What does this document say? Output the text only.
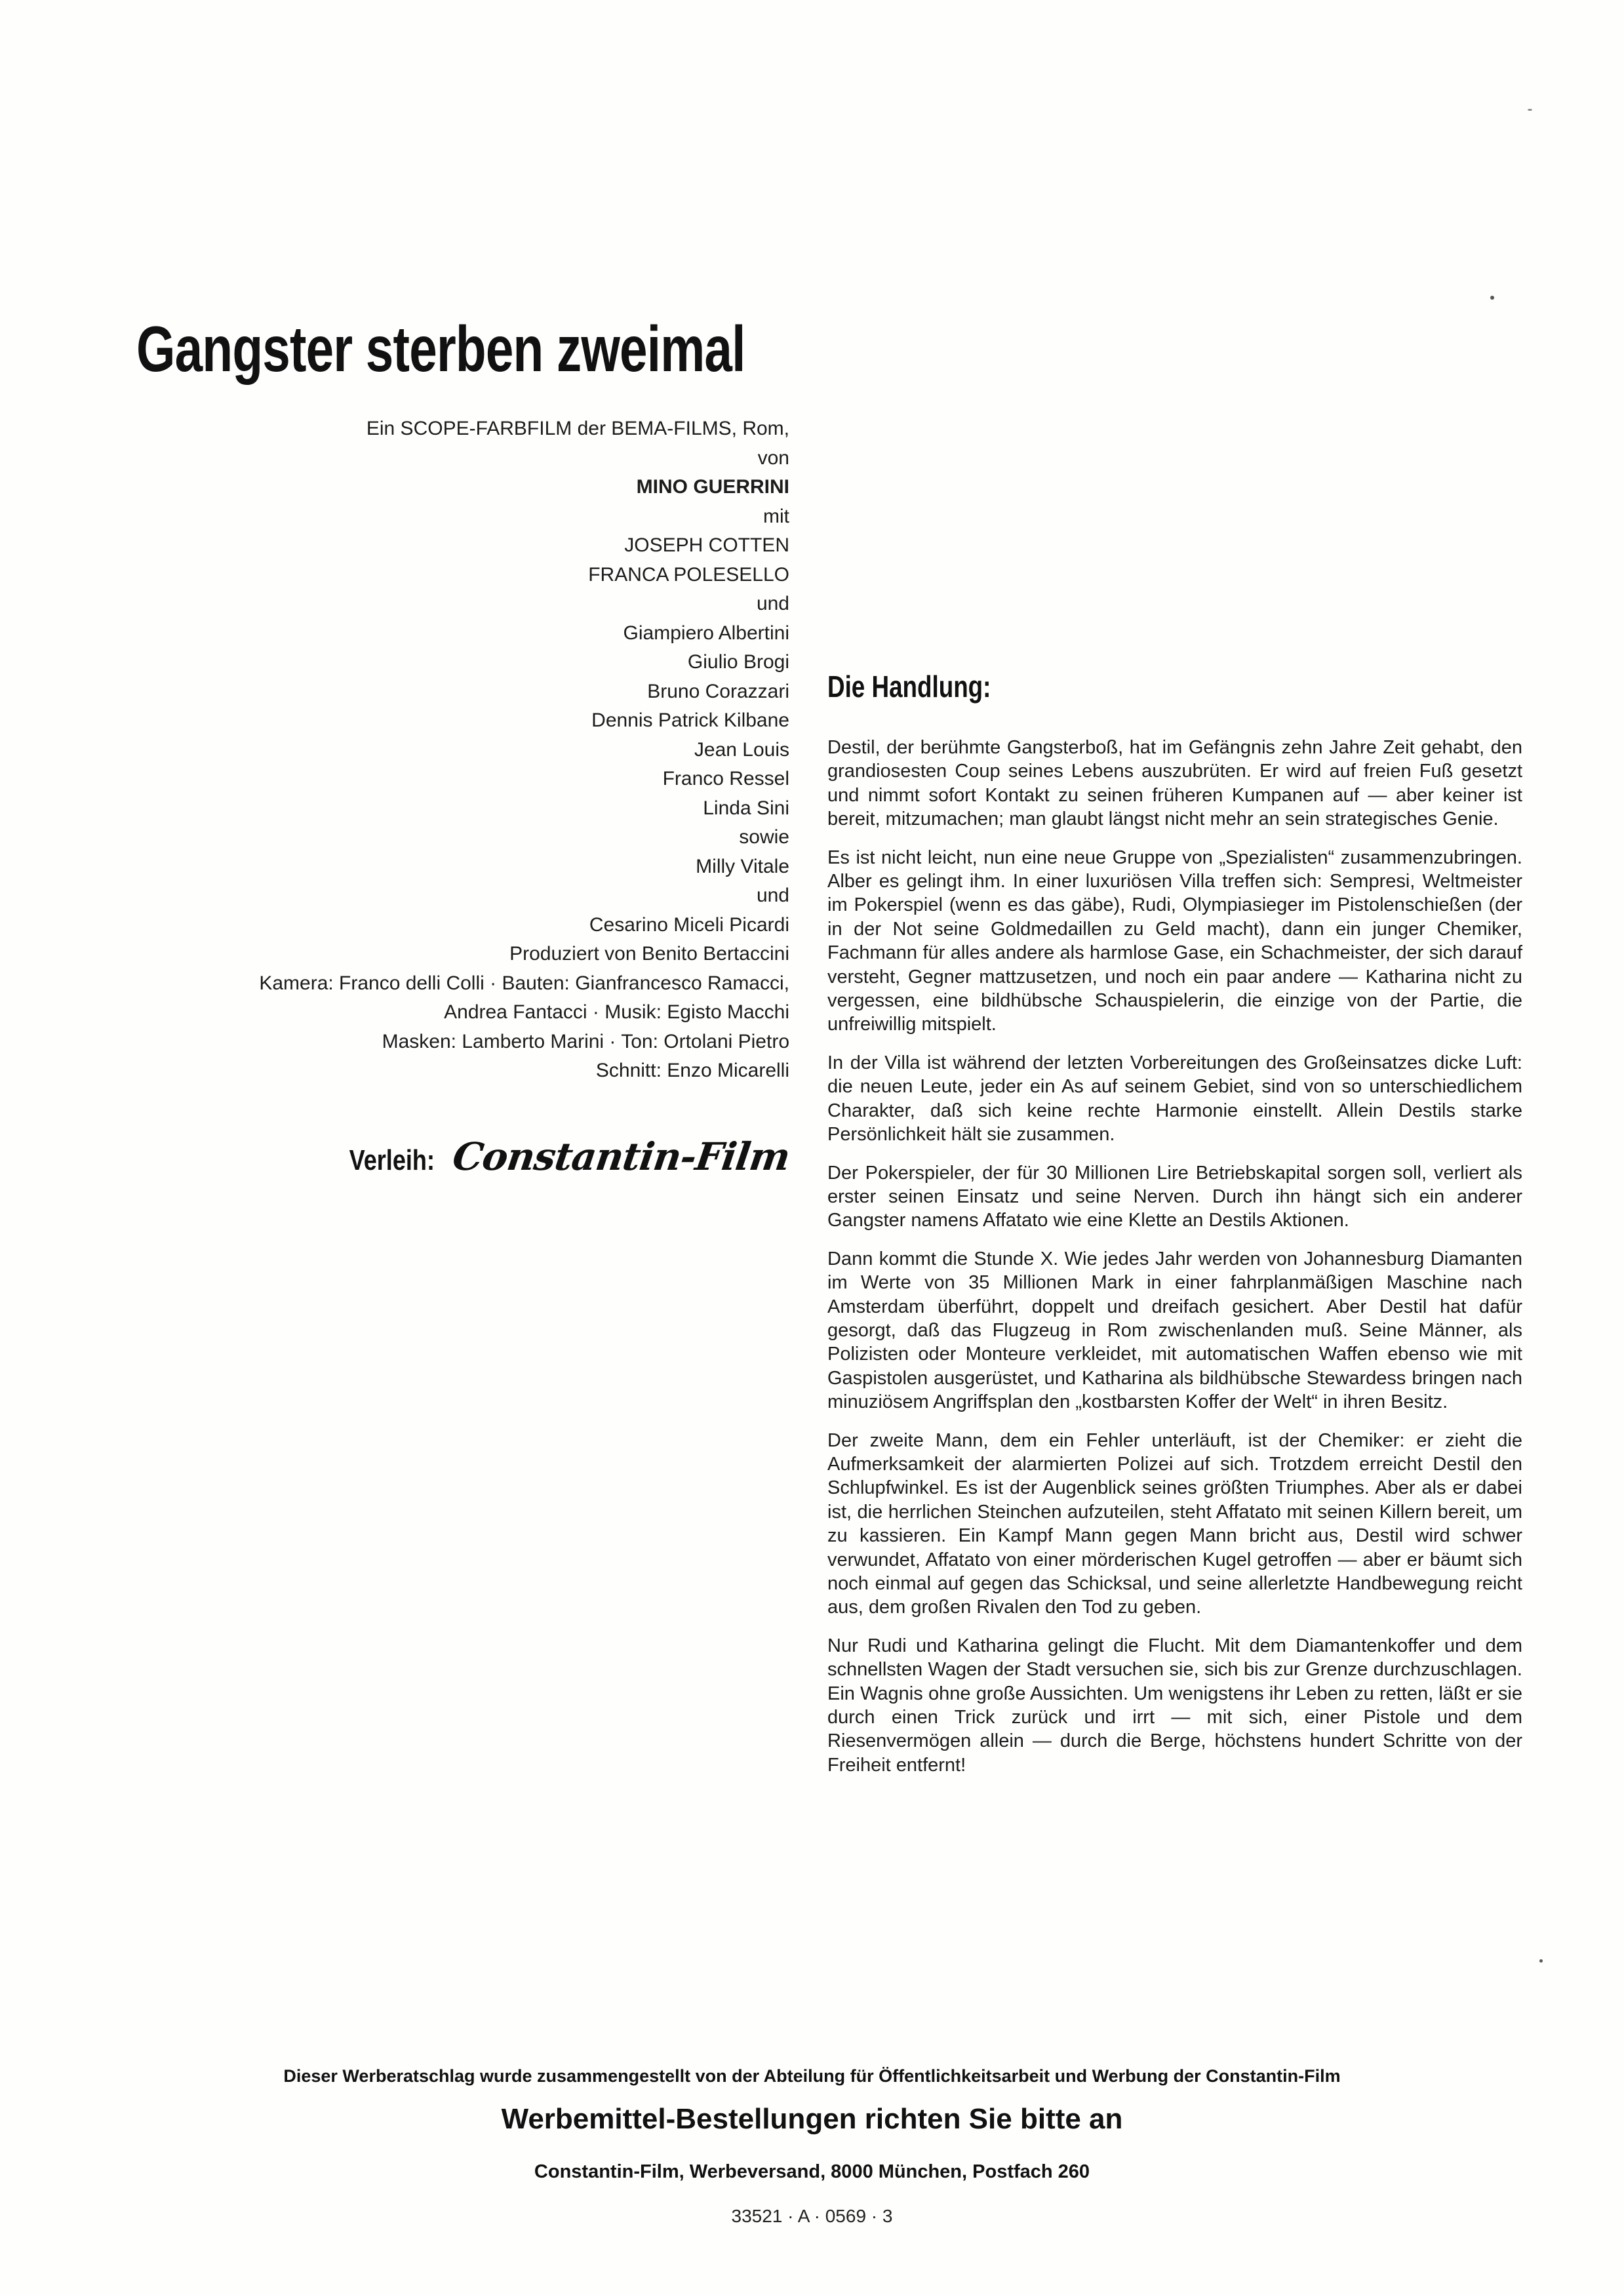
Gangster sterben zweimal
Ein SCOPE-FARBFILM der BEMA-FILMS, Rom,
von
MINO GUERRINI
mit
JOSEPH COTTEN
FRANCA POLESELLO
und
Giampiero Albertini
Giulio Brogi
Bruno Corazzari
Dennis Patrick Kilbane
Jean Louis
Franco Ressel
Linda Sini
sowie
Milly Vitale
und
Cesarino Miceli Picardi
Produziert von Benito Bertaccini
Kamera: Franco delli Colli · Bauten: Gianfrancesco Ramacci,
Andrea Fantacci · Musik: Egisto Macchi
Masken: Lamberto Marini · Ton: Ortolani Pietro
Schnitt: Enzo Micarelli
Verleih: Constantin-Film
Die Handlung:

Destil, der berühmte Gangsterboß, hat im Gefängnis zehn Jahre Zeit gehabt, den grandiosesten Coup seines Lebens auszubrüten. Er wird auf freien Fuß gesetzt und nimmt sofort Kontakt zu seinen früheren Kumpanen auf — aber keiner ist bereit, mitzumachen; man glaubt längst nicht mehr an sein strategisches Genie.

Es ist nicht leicht, nun eine neue Gruppe von „Spezialisten“ zusammenzubringen. Alber es gelingt ihm. In einer luxuriösen Villa treffen sich: Sempresi, Weltmeister im Pokerspiel (wenn es das gäbe), Rudi, Olympiasieger im Pistolenschießen (der in der Not seine Goldmedaillen zu Geld macht), dann ein junger Chemiker, Fachmann für alles andere als harmlose Gase, ein Schachmeister, der sich darauf versteht, Gegner mattzusetzen, und noch ein paar andere — Katharina nicht zu vergessen, eine bildhübsche Schauspielerin, die einzige von der Partie, die unfreiwillig mitspielt.

In der Villa ist während der letzten Vorbereitungen des Großeinsatzes dicke Luft: die neuen Leute, jeder ein As auf seinem Gebiet, sind von so unterschiedlichem Charakter, daß sich keine rechte Harmonie einstellt. Allein Destils starke Persönlichkeit hält sie zusammen.

Der Pokerspieler, der für 30 Millionen Lire Betriebskapital sorgen soll, verliert als erster seinen Einsatz und seine Nerven. Durch ihn hängt sich ein anderer Gangster namens Affatato wie eine Klette an Destils Aktionen.

Dann kommt die Stunde X. Wie jedes Jahr werden von Johannesburg Diamanten im Werte von 35 Millionen Mark in einer fahrplanmäßigen Maschine nach Amsterdam überführt, doppelt und dreifach gesichert. Aber Destil hat dafür gesorgt, daß das Flugzeug in Rom zwischenlanden muß. Seine Männer, als Polizisten oder Monteure verkleidet, mit automatischen Waffen ebenso wie mit Gaspistolen ausgerüstet, und Katharina als bildhübsche Stewardess bringen nach minuziösem Angriffsplan den „kostbarsten Koffer der Welt“ in ihren Besitz.

Der zweite Mann, dem ein Fehler unterläuft, ist der Chemiker: er zieht die Aufmerksamkeit der alarmierten Polizei auf sich. Trotzdem erreicht Destil den Schlupfwinkel. Es ist der Augenblick seines größten Triumphes. Aber als er dabei ist, die herrlichen Steinchen aufzuteilen, steht Affatato mit seinen Killern bereit, um zu kassieren. Ein Kampf Mann gegen Mann bricht aus, Destil wird schwer verwundet, Affatato von einer mörderischen Kugel getroffen — aber er bäumt sich noch einmal auf gegen das Schicksal, und seine allerletzte Handbewegung reicht aus, dem großen Rivalen den Tod zu geben.

Nur Rudi und Katharina gelingt die Flucht. Mit dem Diamantenkoffer und dem schnellsten Wagen der Stadt versuchen sie, sich bis zur Grenze durchzuschlagen. Ein Wagnis ohne große Aussichten. Um wenigstens ihr Leben zu retten, läßt er sie durch einen Trick zurück und irrt — mit sich, einer Pistole und dem Riesenvermögen allein — durch die Berge, höchstens hundert Schritte von der Freiheit entfernt!

Dieser Werberatschlag wurde zusammengestellt von der Abteilung für Öffentlichkeitsarbeit und Werbung der Constantin-Film
Werbemittel-Bestellungen richten Sie bitte an
Constantin-Film, Werbeversand, 8000 München, Postfach 260
33521 · A · 0569 · 3
